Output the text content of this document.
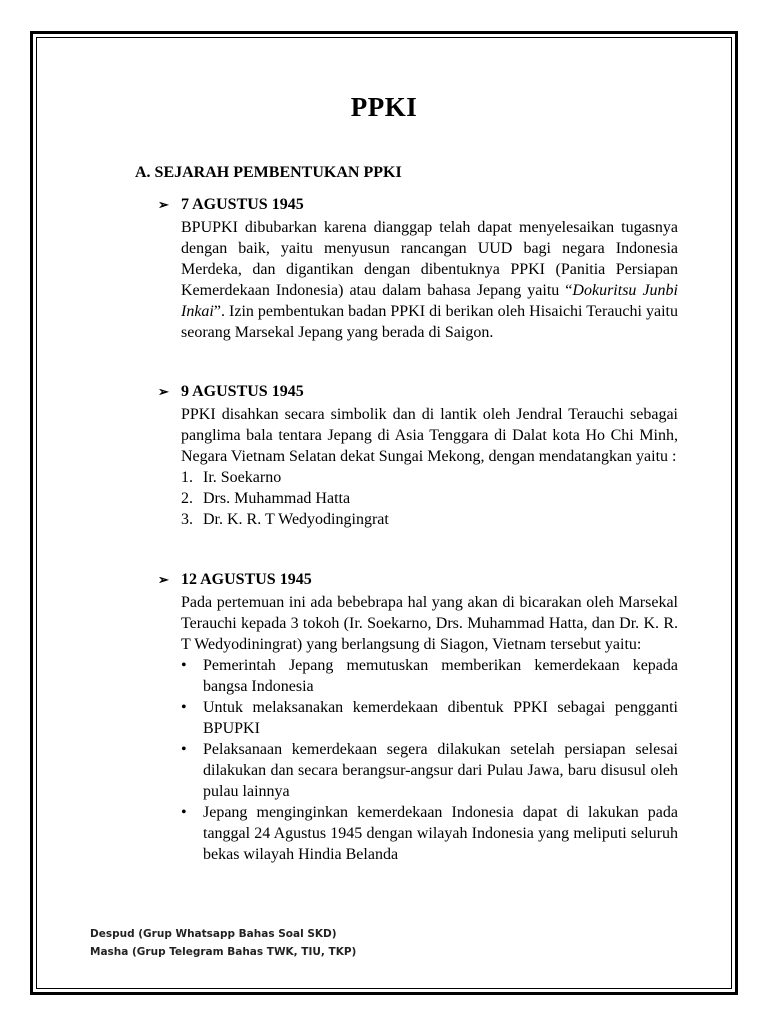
PPKI
A. SEJARAH PEMBENTUKAN PPKI
➢ 7 AGUSTUS 1945

BPUPKI dibubarkan karena dianggap telah dapat menyelesaikan tugasnya dengan baik, yaitu menyusun rancangan UUD bagi negara Indonesia Merdeka, dan digantikan dengan dibentuknya PPKI (Panitia Persiapan Kemerdekaan Indonesia) atau dalam bahasa Jepang yaitu “Dokuritsu Junbi Inkai”. Izin pembentukan badan PPKI di berikan oleh Hisaichi Terauchi yaitu seorang Marsekal Jepang yang berada di Saigon.

➢ 9 AGUSTUS 1945

PPKI disahkan secara simbolik dan di lantik oleh Jendral Terauchi sebagai panglima bala tentara Jepang di Asia Tenggara di Dalat kota Ho Chi Minh, Negara Vietnam Selatan dekat Sungai Mekong, dengan mendatangkan yaitu :

1. Ir. Soekarno
2. Drs. Muhammad Hatta
3. Dr. K. R. T Wedyodingingrat
➢ 12 AGUSTUS 1945

Pada pertemuan ini ada bebebrapa hal yang akan di bicarakan oleh Marsekal Terauchi kepada 3 tokoh (Ir. Soekarno, Drs. Muhammad Hatta, dan Dr. K. R. T Wedyodiningrat) yang berlangsung di Siagon, Vietnam tersebut yaitu:

•	Pemerintah Jepang memutuskan memberikan kemerdekaan kepada bangsa Indonesia
•	Untuk melaksanakan kemerdekaan dibentuk PPKI sebagai pengganti BPUPKI
•	Pelaksanaan kemerdekaan segera dilakukan setelah persiapan selesai dilakukan dan secara berangsur-angsur dari Pulau Jawa, baru disusul oleh pulau lainnya
•	Jepang menginginkan kemerdekaan Indonesia dapat di lakukan pada tanggal 24 Agustus 1945 dengan wilayah Indonesia yang meliputi seluruh bekas wilayah Hindia Belanda
Despud (Grup Whatsapp Bahas Soal SKD)
Masha (Grup Telegram Bahas TWK, TIU, TKP)
